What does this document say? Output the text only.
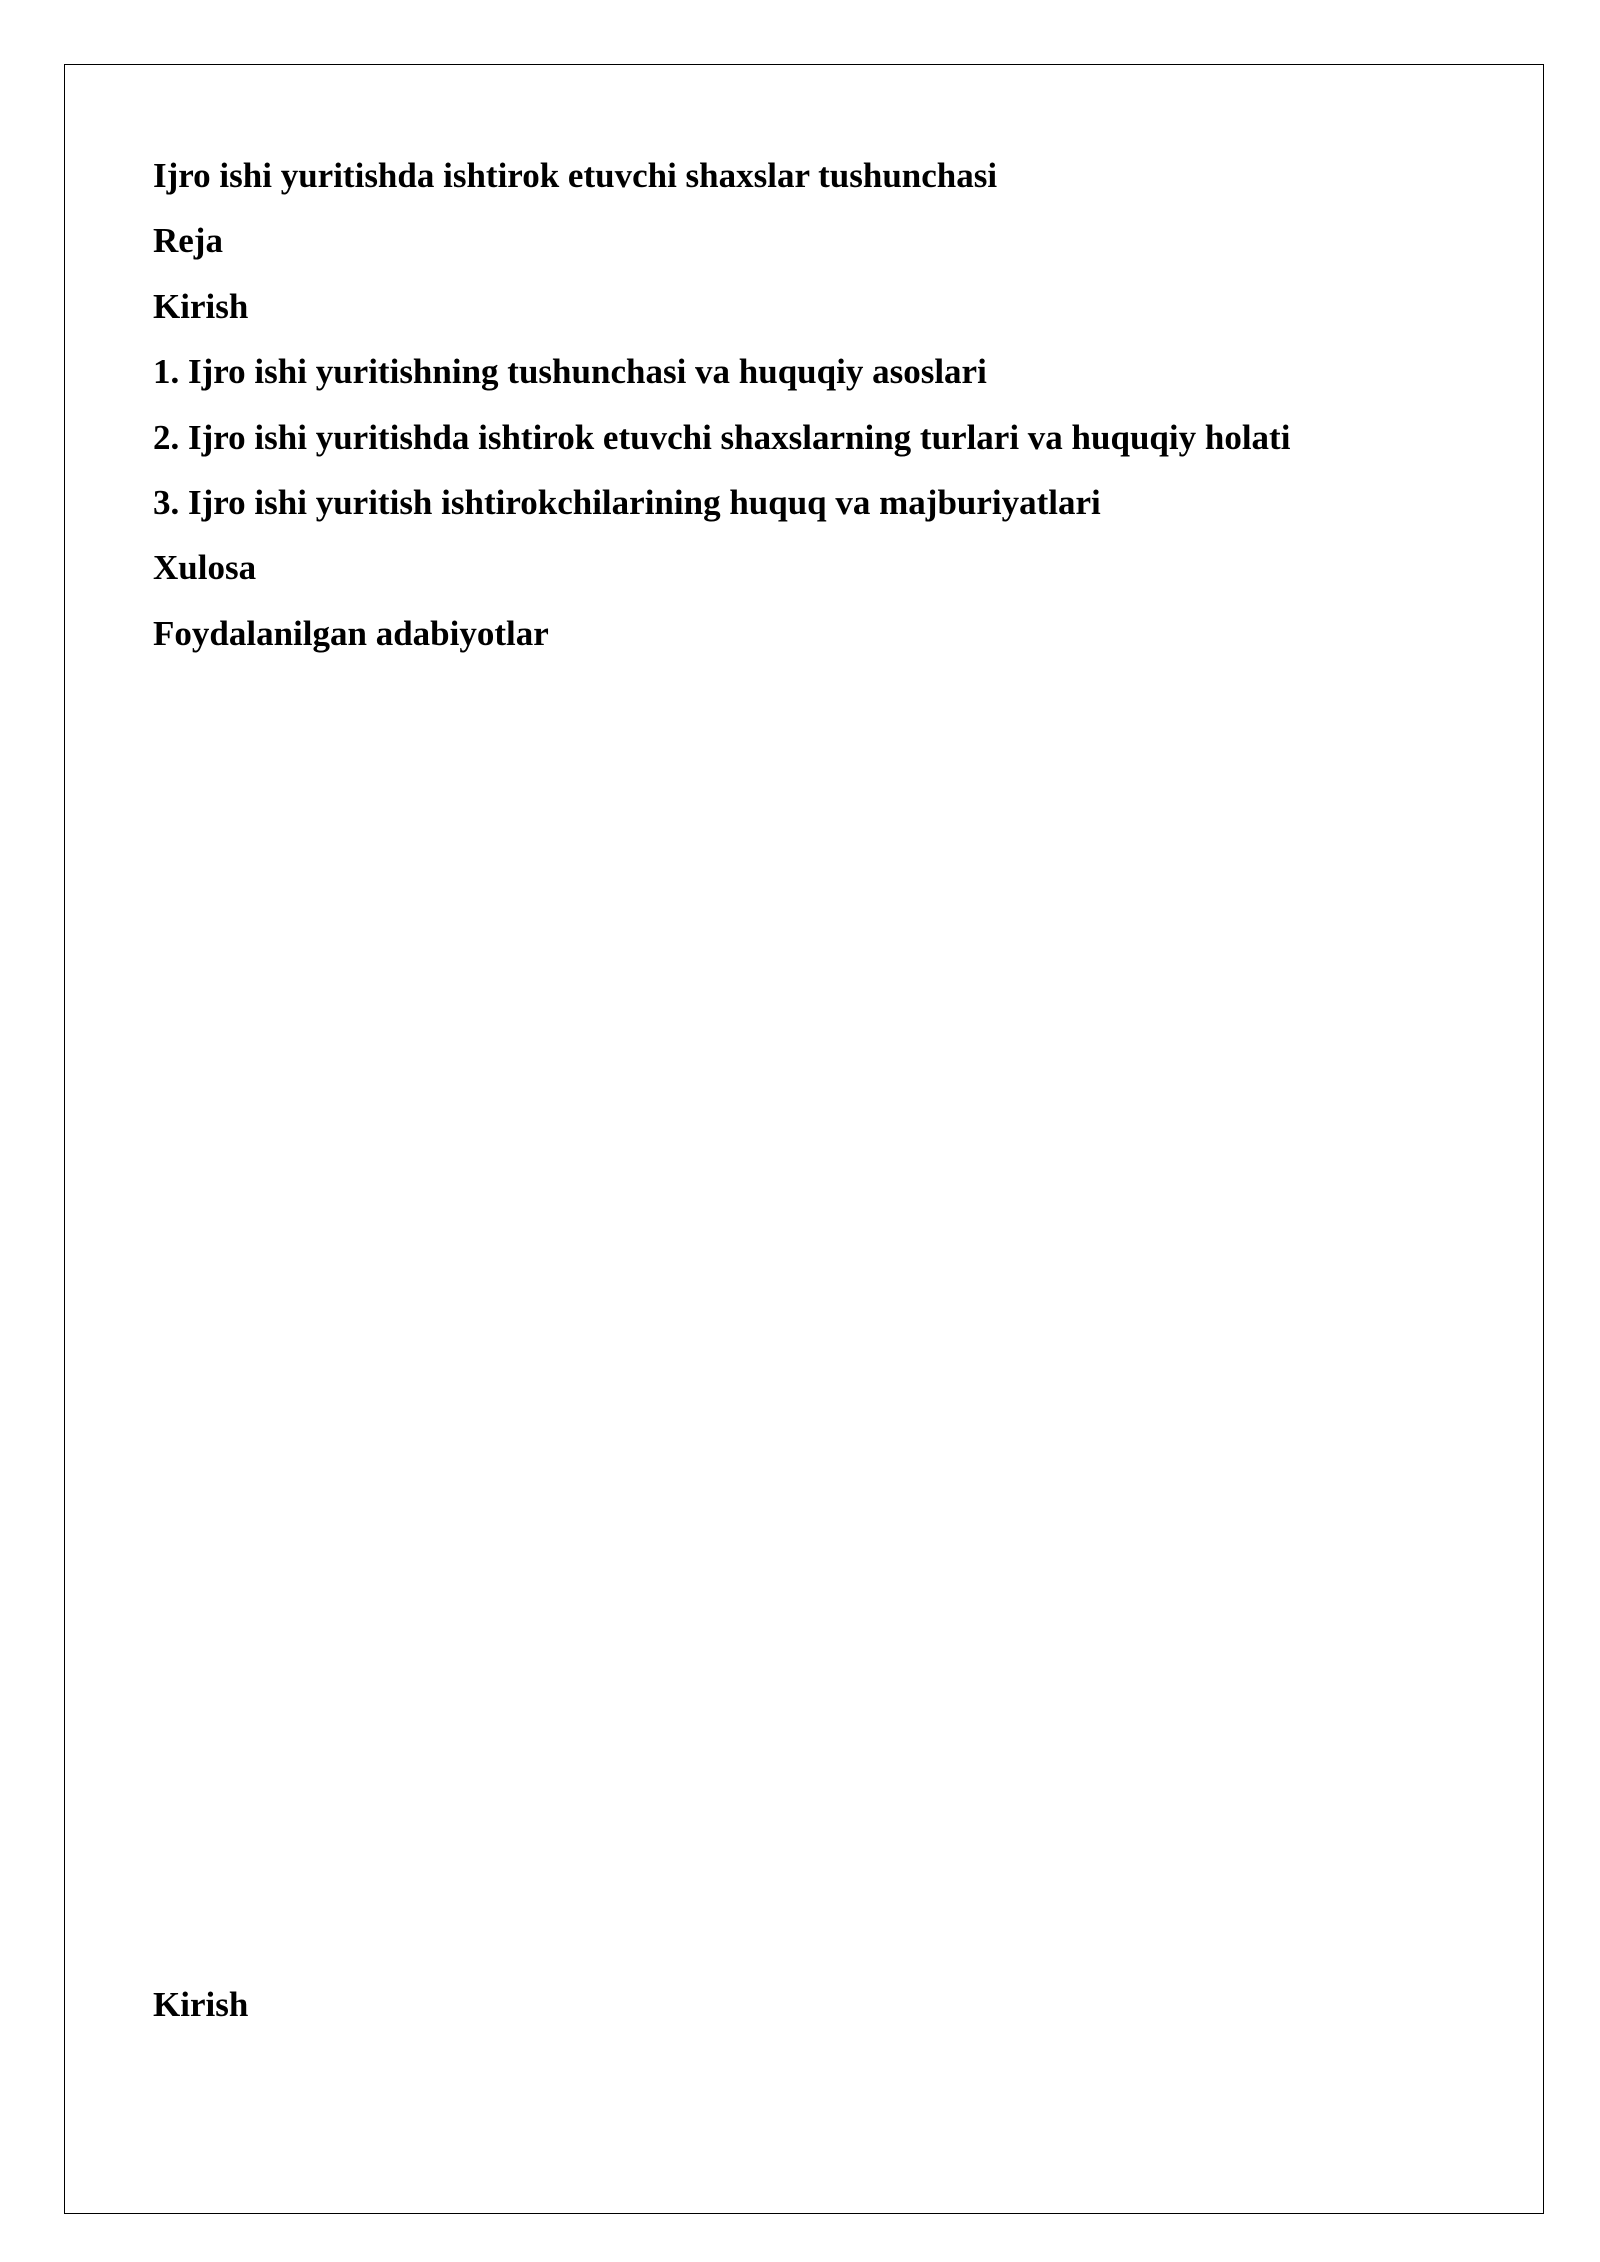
Ijro ishi yuritishda ishtirok etuvchi shaxslar tushunchasi

Reja

Kirish

1. Ijro ishi yuritishning tushunchasi va huquqiy asoslari

2. Ijro ishi yuritishda ishtirok etuvchi shaxslarning turlari va huquqiy holati

3. Ijro ishi yuritish ishtirokchilarining huquq va majburiyatlari

Xulosa

Foydalanilgan adabiyotlar

Kirish
